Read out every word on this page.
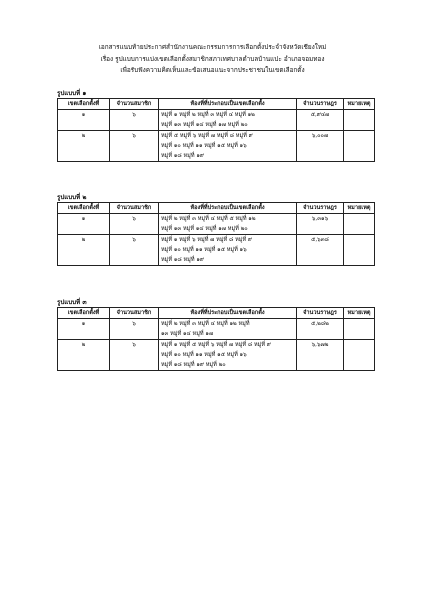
เอกสารแนบท้ายประกาศสำนักงานคณะกรรมการการเลือกตั้งประจำจังหวัดเชียงใหม่
เรื่อง รูปแบบการแบ่งเขตเลือกตั้งสมาชิกสภาเทศบาลตำบลบ้านแปะ อำเภอจอมทอง
เพื่อรับฟังความคิดเห็นและข้อเสนอแนะจากประชาชนในเขตเลือกตั้ง
รูปแบบที่ ๑
เขตเลือกตั้งที่	จำนวนสมาชิก	ท้องที่ที่ประกอบเป็นเขตเลือกตั้ง	จำนวนราษฎร	หมายเหตุ
๑	๖	หมู่ที่ ๑ หมู่ที่ ๒ หมู่ที่ ๓ หมู่ที่ ๔ หมู่ที่ ๑๒
หมู่ที่ ๑๓ หมู่ที่ ๑๔ หมู่ที่ ๑๗ หมู่ที่ ๒๐	๕,๙๔๗	
๒	๖	หมู่ที่ ๕ หมู่ที่ ๖ หมู่ที่ ๗ หมู่ที่ ๘ หมู่ที่ ๙
หมู่ที่ ๑๐ หมู่ที่ ๑๑ หมู่ที่ ๑๕ หมู่ที่ ๑๖
หมู่ที่ ๑๘ หมู่ที่ ๑๙	๖,๐๐๗	
รูปแบบที่ ๒
เขตเลือกตั้งที่	จำนวนสมาชิก	ท้องที่ที่ประกอบเป็นเขตเลือกตั้ง	จำนวนราษฎร	หมายเหตุ
๑	๖	หมู่ที่ ๒ หมู่ที่ ๓ หมู่ที่ ๔ หมู่ที่ ๕ หมู่ที่ ๑๒
หมู่ที่ ๑๓ หมู่ที่ ๑๔ หมู่ที่ ๑๗ หมู่ที่ ๒๐	๖,๓๑๖	
๒	๖	หมู่ที่ ๑ หมู่ที่ ๖ หมู่ที่ ๗ หมู่ที่ ๘ หมู่ที่ ๙
หมู่ที่ ๑๐ หมู่ที่ ๑๑ หมู่ที่ ๑๕ หมู่ที่ ๑๖
หมู่ที่ ๑๘ หมู่ที่ ๑๙	๕,๖๓๘	
รูปแบบที่ ๓
เขตเลือกตั้งที่	จำนวนสมาชิก	ท้องที่ที่ประกอบเป็นเขตเลือกตั้ง	จำนวนราษฎร	หมายเหตุ
๑	๖	หมู่ที่ ๒ หมู่ที่ ๓ หมู่ที่ ๔ หมู่ที่ ๑๒ หมู่ที่
๑๓ หมู่ที่ ๑๔ หมู่ที่ ๑๗	๕,๒๘๒	
๒	๖	หมู่ที่ ๑ หมู่ที่ ๕ หมู่ที่ ๖ หมู่ที่ ๗ หมู่ที่ ๘ หมู่ที่ ๙
หมู่ที่ ๑๐ หมู่ที่ ๑๑ หมู่ที่ ๑๕ หมู่ที่ ๑๖
หมู่ที่ ๑๘ หมู่ที่ ๑๙ หมู่ที่ ๒๐	๖,๖๗๒	
